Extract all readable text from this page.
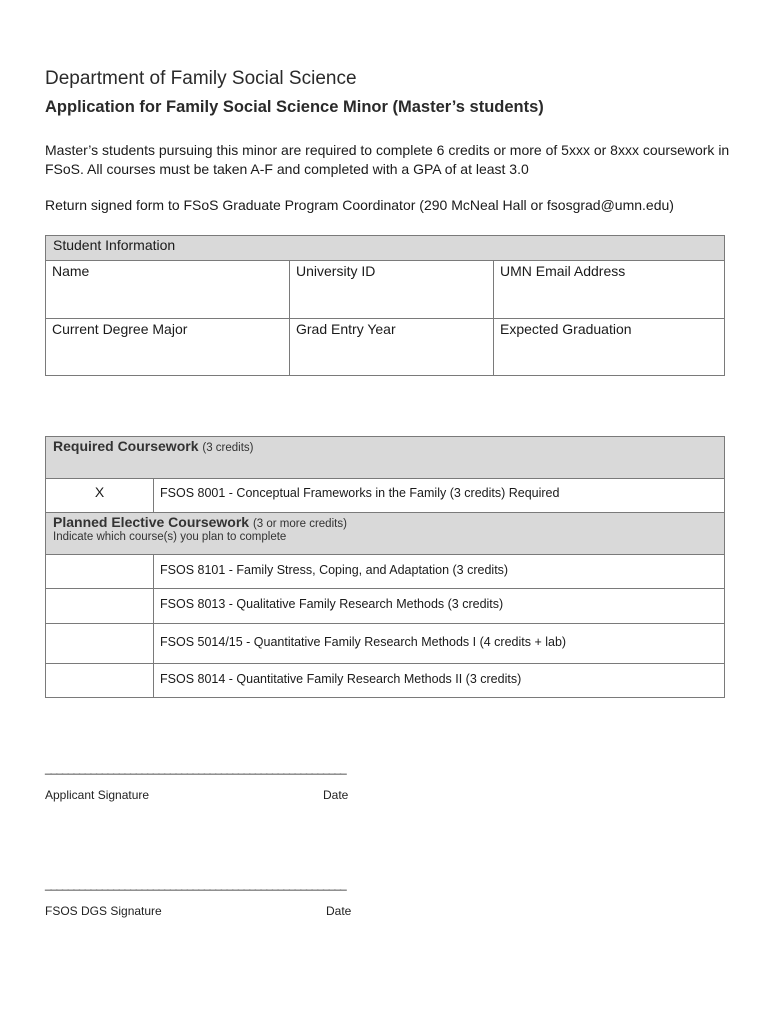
Department of Family Social Science
Application for Family Social Science Minor (Master’s students)
Master’s students pursuing this minor are required to complete 6 credits or more of 5xxx or 8xxx coursework in FSoS. All courses must be taken A-F and completed with a GPA of at least 3.0
Return signed form to FSoS Graduate Program Coordinator (290 McNeal Hall or fsosgrad@umn.edu)
Student Information
Name	University ID	UMN Email Address
Current Degree Major	Grad Entry Year	Expected Graduation
Required Coursework (3 credits)
X	FSOS 8001 - Conceptual Frameworks in the Family (3 credits) Required
Planned Elective Coursework (3 or more credits)
Indicate which course(s) you plan to complete
FSOS 8101 - Family Stress, Coping, and Adaptation (3 credits)
FSOS 8013 - Qualitative Family Research Methods (3 credits)
FSOS 5014/15 - Quantitative Family Research Methods I (4 credits + lab)
FSOS 8014 - Quantitative Family Research Methods II (3 credits)
_____________________________________________________
Applicant Signature	Date
_____________________________________________________
FSOS DGS Signature	Date
